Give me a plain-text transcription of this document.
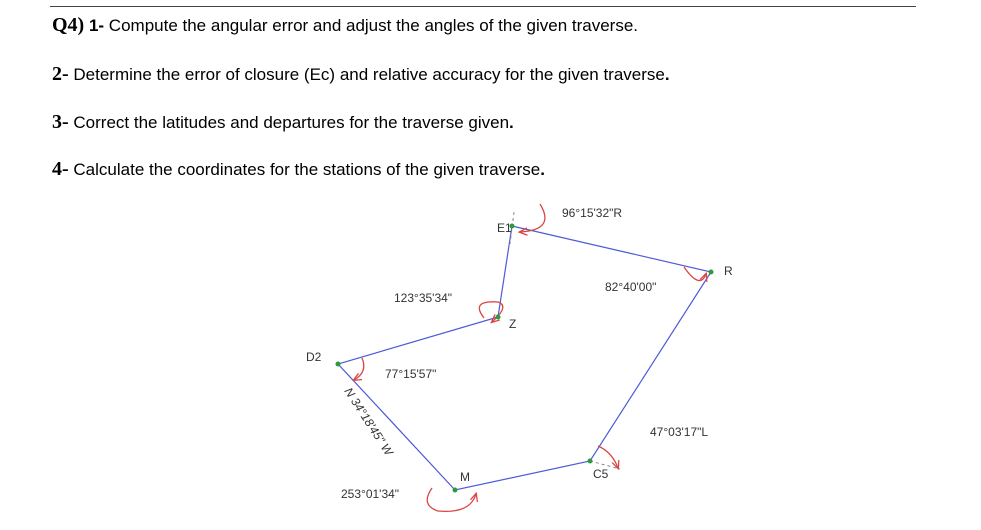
Q4) 1- Compute the angular error and adjust the angles of the given traverse.
2- Determine the error of closure (Ec) and relative accuracy for the given traverse.
3- Correct the latitudes and departures for the traverse given.
4- Calculate the coordinates for the stations of the given traverse.
E1
R
Z
D2
M	C5
96°15'32"R
82°40'00"
123°35'34"
77°15'57"
47°03'17"L
253°01'34"
N 34°18'45" W
